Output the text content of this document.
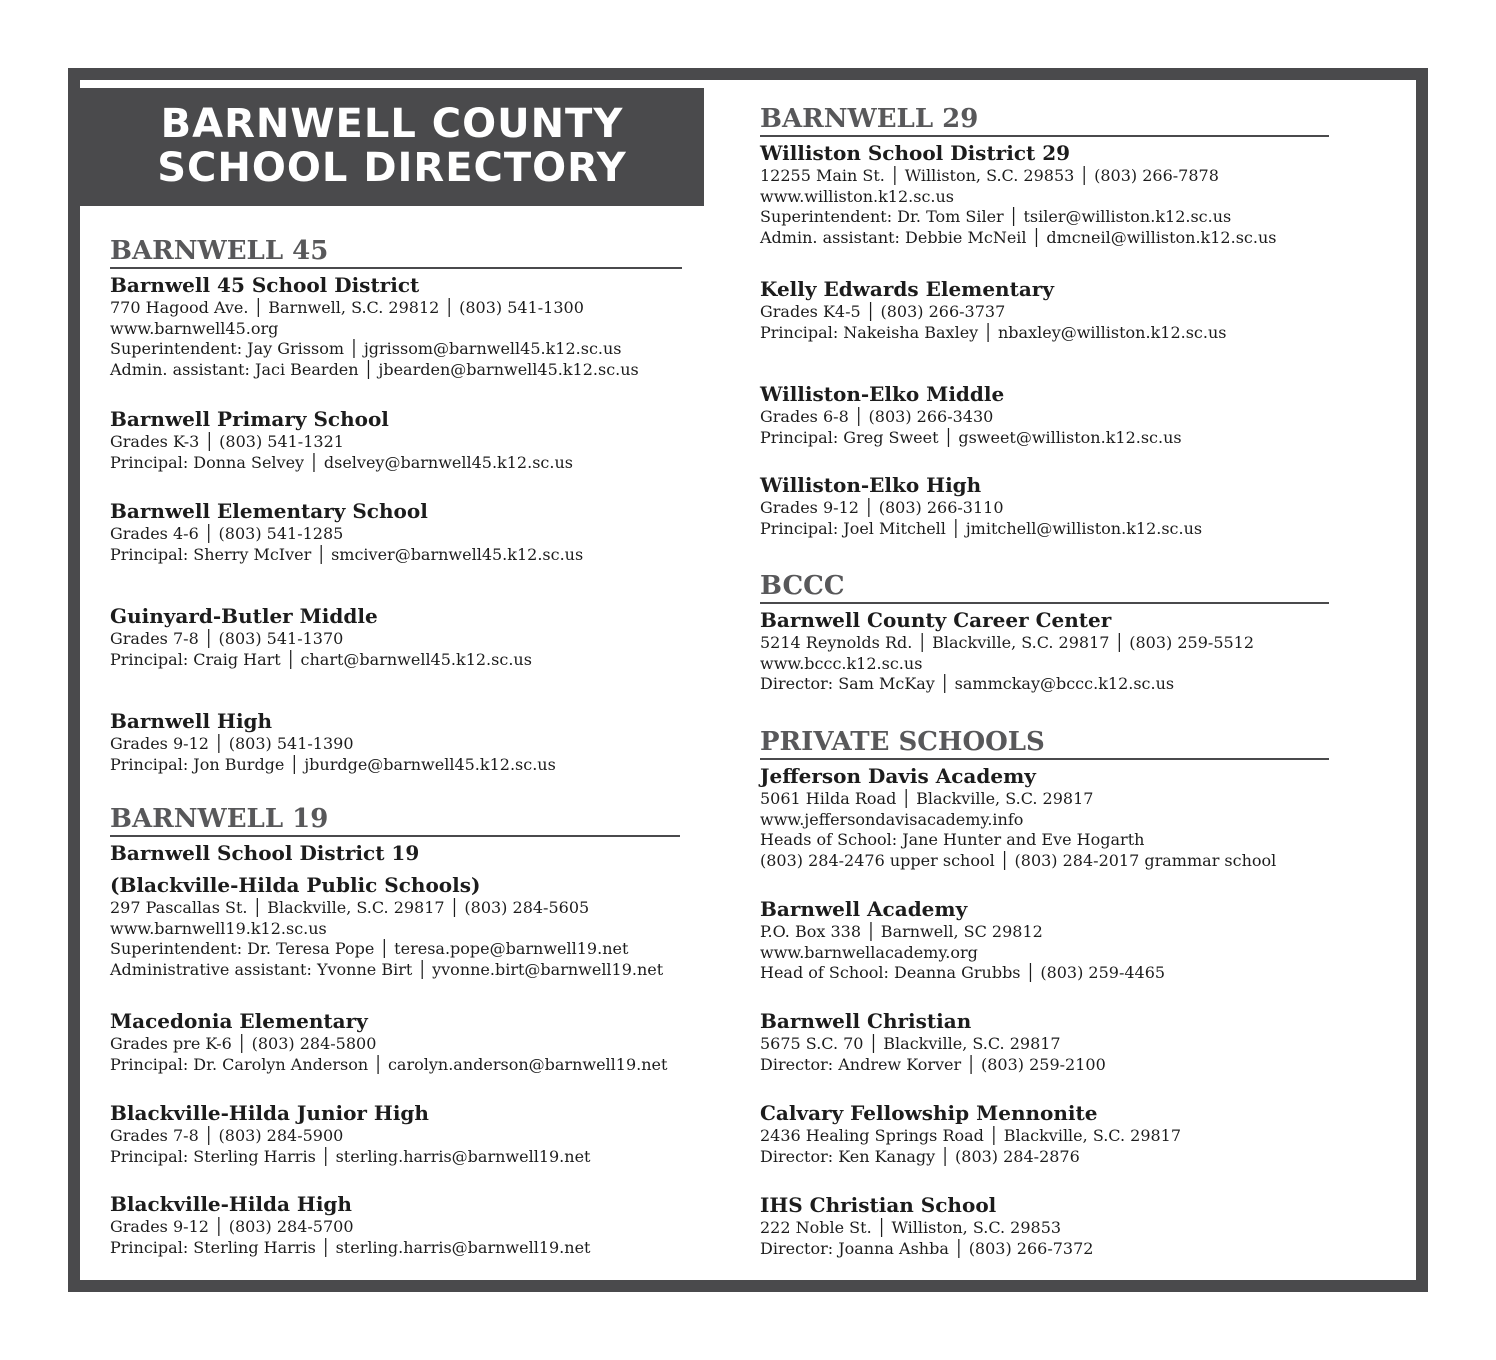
BARNWELL COUNTY
SCHOOL DIRECTORY
BARNWELL 45
Barnwell 45 School District
770 Hagood Ave. │ Barnwell, S.C. 29812 │ (803) 541-1300
www.barnwell45.org
Superintendent: Jay Grissom │ jgrissom@barnwell45.k12.sc.us
Admin. assistant: Jaci Bearden │ jbearden@barnwell45.k12.sc.us
Barnwell Primary School
Grades K-3 │ (803) 541-1321
Principal: Donna Selvey │ dselvey@barnwell45.k12.sc.us
Barnwell Elementary School
Grades 4-6 │ (803) 541-1285
Principal: Sherry McIver │ smciver@barnwell45.k12.sc.us
Guinyard-Butler Middle
Grades 7-8 │ (803) 541-1370
Principal: Craig Hart │ chart@barnwell45.k12.sc.us
Barnwell High
Grades 9-12 │ (803) 541-1390
Principal: Jon Burdge │ jburdge@barnwell45.k12.sc.us
BARNWELL 19
Barnwell School District 19
(Blackville-Hilda Public Schools)
297 Pascallas St. │ Blackville, S.C. 29817 │ (803) 284-5605
www.barnwell19.k12.sc.us
Superintendent: Dr. Teresa Pope │ teresa.pope@barnwell19.net
Administrative assistant: Yvonne Birt │ yvonne.birt@barnwell19.net
Macedonia Elementary
Grades pre K-6 │ (803) 284-5800
Principal: Dr. Carolyn Anderson │ carolyn.anderson@barnwell19.net
Blackville-Hilda Junior High
Grades 7-8 │ (803) 284-5900
Principal: Sterling Harris │ sterling.harris@barnwell19.net
Blackville-Hilda High
Grades 9-12 │ (803) 284-5700
Principal: Sterling Harris │ sterling.harris@barnwell19.net
BARNWELL 29
Williston School District 29
12255 Main St. │ Williston, S.C. 29853 │ (803) 266-7878
www.williston.k12.sc.us
Superintendent: Dr. Tom Siler │ tsiler@williston.k12.sc.us
Admin. assistant: Debbie McNeil │ dmcneil@williston.k12.sc.us
Kelly Edwards Elementary
Grades K4-5 │ (803) 266-3737
Principal: Nakeisha Baxley │ nbaxley@williston.k12.sc.us
Williston-Elko Middle
Grades 6-8 │ (803) 266-3430
Principal: Greg Sweet │ gsweet@williston.k12.sc.us
Williston-Elko High
Grades 9-12 │ (803) 266-3110
Principal: Joel Mitchell │ jmitchell@williston.k12.sc.us
BCCC
Barnwell County Career Center
5214 Reynolds Rd. │ Blackville, S.C. 29817 │ (803) 259-5512
www.bccc.k12.sc.us
Director: Sam McKay │ sammckay@bccc.k12.sc.us
PRIVATE SCHOOLS
Jefferson Davis Academy
5061 Hilda Road │ Blackville, S.C. 29817
www.jeffersondavisacademy.info
Heads of School: Jane Hunter and Eve Hogarth
(803) 284-2476 upper school │ (803) 284-2017 grammar school
Barnwell Academy
P.O. Box 338 │ Barnwell, SC 29812
www.barnwellacademy.org
Head of School: Deanna Grubbs │ (803) 259-4465
Barnwell Christian
5675 S.C. 70 │ Blackville, S.C. 29817
Director: Andrew Korver │ (803) 259-2100
Calvary Fellowship Mennonite
2436 Healing Springs Road │ Blackville, S.C. 29817
Director: Ken Kanagy │ (803) 284-2876
IHS Christian School
222 Noble St. │ Williston, S.C. 29853
Director: Joanna Ashba │ (803) 266-7372
